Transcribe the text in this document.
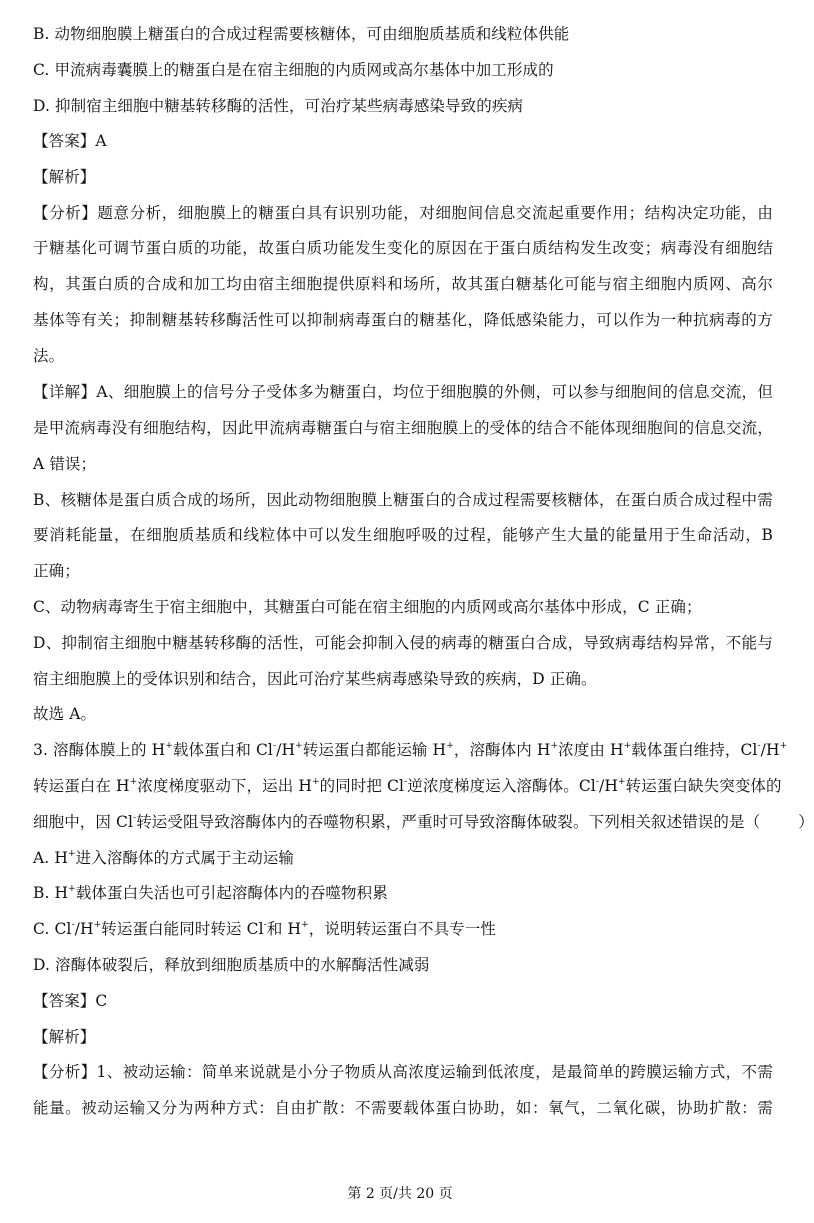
B. 动物细胞膜上糖蛋白的合成过程需要核糖体，可由细胞质基质和线粒体供能
C. 甲流病毒囊膜上的糖蛋白是在宿主细胞的内质网或高尔基体中加工形成的
D. 抑制宿主细胞中糖基转移酶的活性，可治疗某些病毒感染导致的疾病
【答案】A
【解析】
【分析】题意分析，细胞膜上的糖蛋白具有识别功能，对细胞间信息交流起重要作用；结构决定功能，由
于糖基化可调节蛋白质的功能，故蛋白质功能发生变化的原因在于蛋白质结构发生改变；病毒没有细胞结
构，其蛋白质的合成和加工均由宿主细胞提供原料和场所，故其蛋白糖基化可能与宿主细胞内质网、高尔
基体等有关；抑制糖基转移酶活性可以抑制病毒蛋白的糖基化，降低感染能力，可以作为一种抗病毒的方
法。
【详解】A、细胞膜上的信号分子受体多为糖蛋白，均位于细胞膜的外侧，可以参与细胞间的信息交流，但
是甲流病毒没有细胞结构，因此甲流病毒糖蛋白与宿主细胞膜上的受体的结合不能体现细胞间的信息交流，
A 错误；
B、核糖体是蛋白质合成的场所，因此动物细胞膜上糖蛋白的合成过程需要核糖体，在蛋白质合成过程中需
要消耗能量，在细胞质基质和线粒体中可以发生细胞呼吸的过程，能够产生大量的能量用于生命活动，B
正确；
C、动物病毒寄生于宿主细胞中，其糖蛋白可能在宿主细胞的内质网或高尔基体中形成，C 正确；
D、抑制宿主细胞中糖基转移酶的活性，可能会抑制入侵的病毒的糖蛋白合成，导致病毒结构异常，不能与
宿主细胞膜上的受体识别和结合，因此可治疗某些病毒感染导致的疾病，D 正确。
故选 A。
3. 溶酶体膜上的 H+载体蛋白和 Cl-/H+转运蛋白都能运输 H+，溶酶体内 H+浓度由 H+载体蛋白维持，Cl-/H+
转运蛋白在 H+浓度梯度驱动下，运出 H+的同时把 Cl-逆浓度梯度运入溶酶体。Cl-/H+转运蛋白缺失突变体的
细胞中，因 Cl-转运受阻导致溶酶体内的吞噬物积累，严重时可导致溶酶体破裂。下列相关叙述错误的是（ ）
A. H+进入溶酶体的方式属于主动运输
B. H+载体蛋白失活也可引起溶酶体内的吞噬物积累
C. Cl-/H+转运蛋白能同时转运 Cl-和 H+，说明转运蛋白不具专一性
D. 溶酶体破裂后，释放到细胞质基质中的水解酶活性减弱
【答案】C
【解析】
【分析】1、被动运输：简单来说就是小分子物质从高浓度运输到低浓度，是最简单的跨膜运输方式，不需
能量。被动运输又分为两种方式：自由扩散：不需要载体蛋白协助，如：氧气，二氧化碳，协助扩散：需
第 2 页/共 20 页
